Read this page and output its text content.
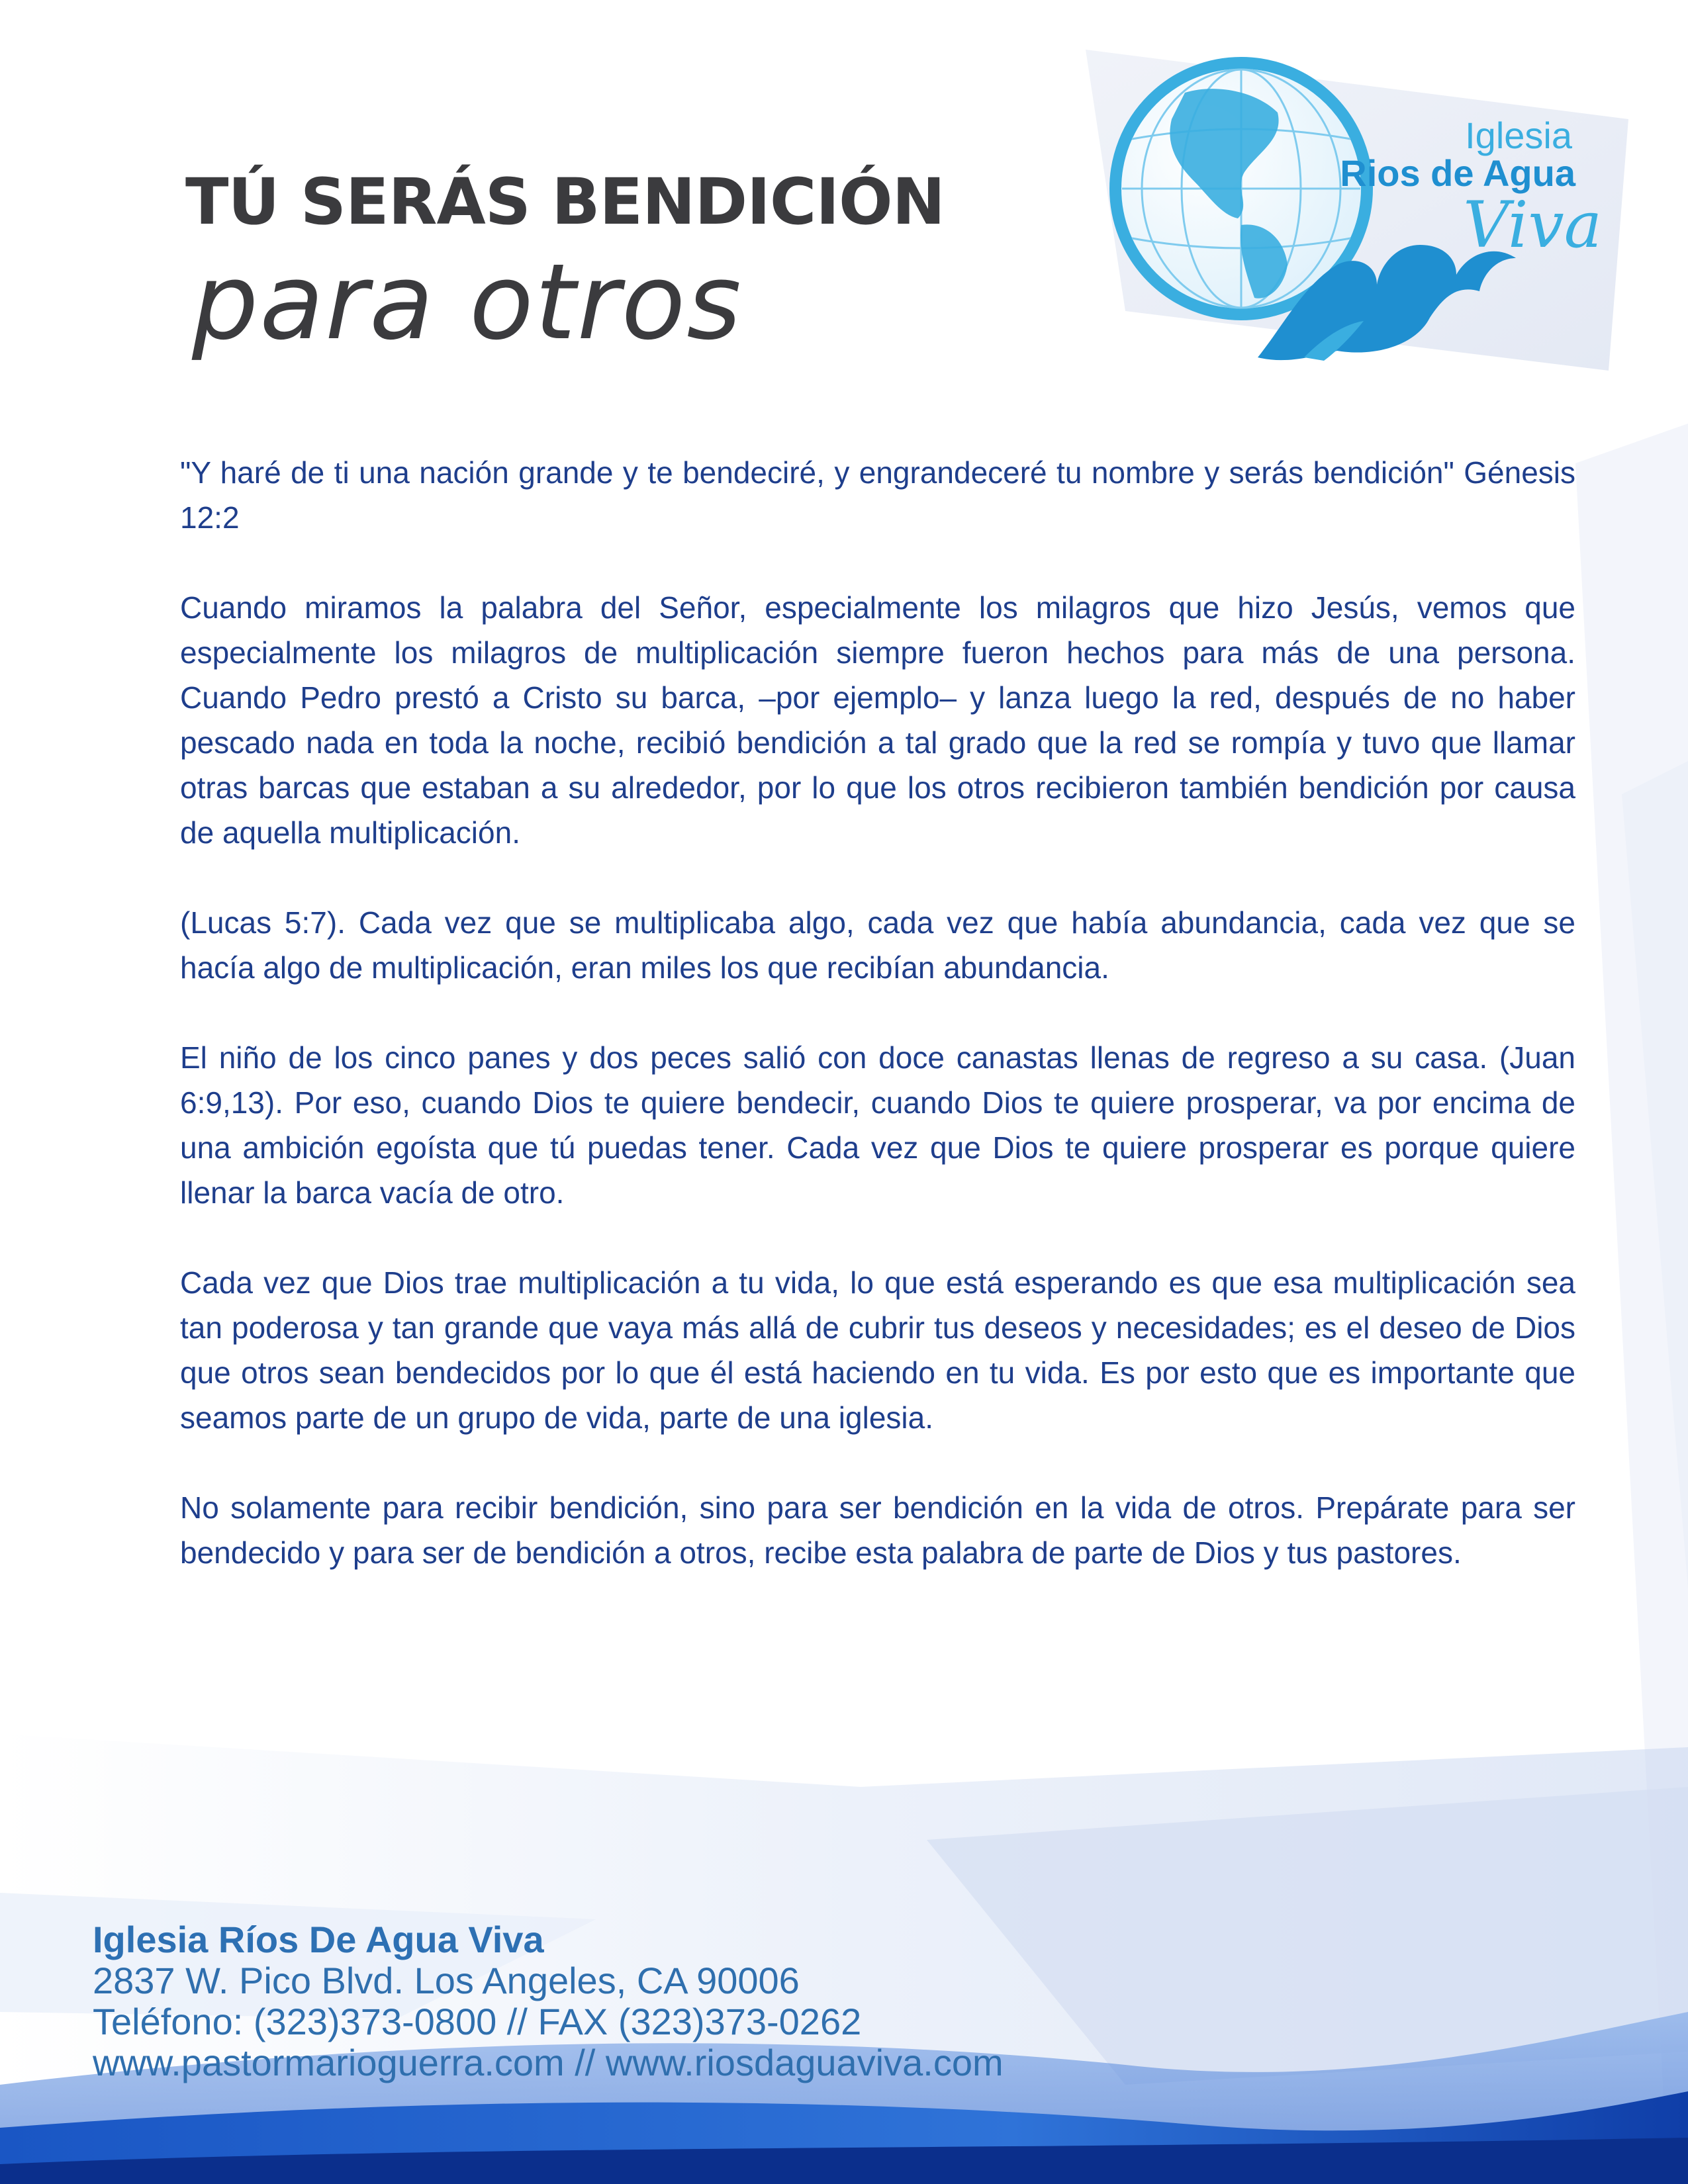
TÚ SERÁS BENDICIÓN
para otros
Iglesia
Rios de Agua
Viva

"Y haré de ti una nación grande y te bendeciré, y engrandeceré tu nombre y serás bendición" Génesis 12:2

Cuando miramos la palabra del Señor, especialmente los milagros que hizo Jesús, vemos que especialmente los milagros de multiplicación siempre fueron hechos para más de una persona. Cuando Pedro prestó a Cristo su barca, –por ejemplo– y lanza luego la red, después de no haber pescado nada en toda la noche, recibió bendición a tal grado que la red se rompía y tuvo que llamar otras barcas que estaban a su alrededor, por lo que los otros recibieron también bendición por causa de aquella multiplicación.

(Lucas 5:7). Cada vez que se multiplicaba algo, cada vez que había abundancia, cada vez que se hacía algo de multiplicación, eran miles los que recibían abundancia.

El niño de los cinco panes y dos peces salió con doce canastas llenas de regreso a su casa. (Juan 6:9,13). Por eso, cuando Dios te quiere bendecir, cuando Dios te quiere prosperar, va por encima de una ambición egoísta que tú puedas tener. Cada vez que Dios te quiere prosperar es porque quiere llenar la barca vacía de otro.

Cada vez que Dios trae multiplicación a tu vida, lo que está esperando es que esa multiplicación sea tan poderosa y tan grande que vaya más allá de cubrir tus deseos y necesidades; es el deseo de Dios que otros sean bendecidos por lo que él está haciendo en tu vida. Es por esto que es importante que seamos parte de un grupo de vida, parte de una iglesia.

No solamente para recibir bendición, sino para ser bendición en la vida de otros. Prepárate para ser bendecido y para ser de bendición a otros, recibe esta palabra de parte de Dios y tus pastores.

Iglesia Ríos De Agua Viva
2837 W. Pico Blvd. Los Angeles, CA 90006
Teléfono: (323)373-0800 // FAX (323)373-0262
www.pastormarioguerra.com // www.riosdaguaviva.com
